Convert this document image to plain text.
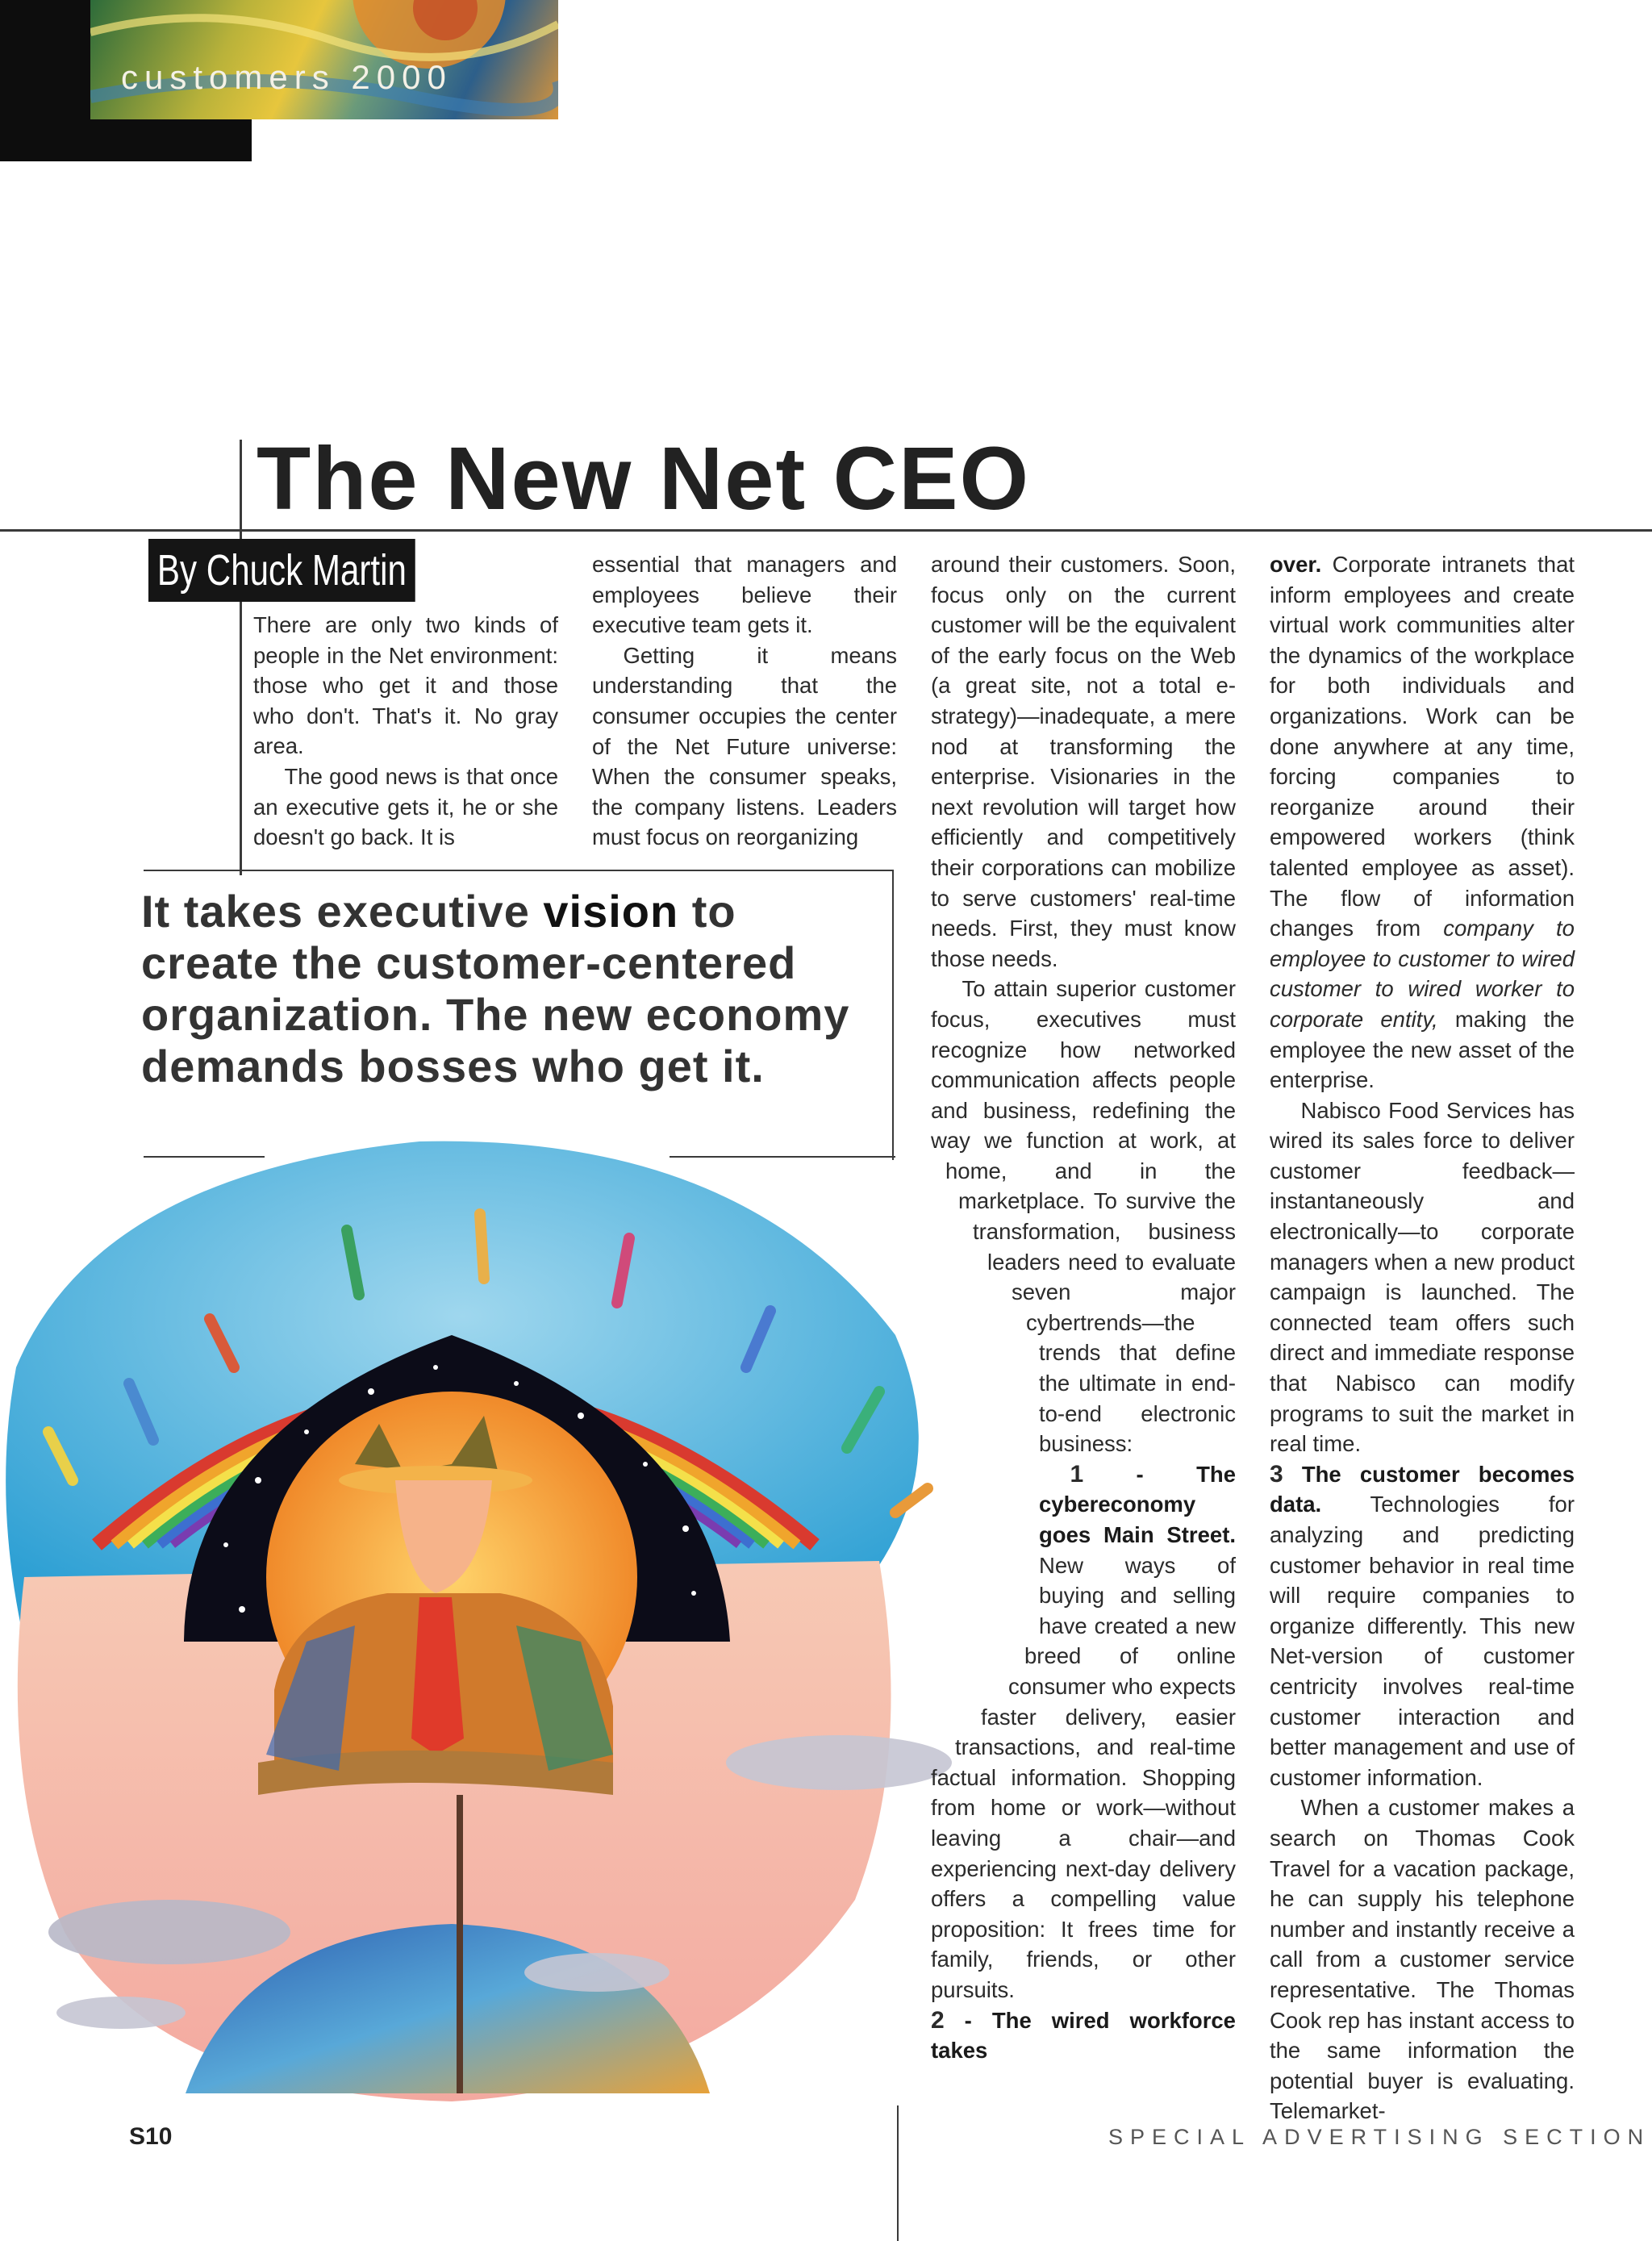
customers 2000
The New Net CEO
By Chuck Martin

There are only two kinds of people in the Net environment: those who get it and those who don't. That's it. No gray area.

The good news is that once an executive gets it, he or she doesn't go back. It is

essential that managers and employees believe their executive team gets it.

Getting it means understanding that the consumer occupies the center of the Net Future universe: When the consumer speaks, the company listens. Leaders must focus on reorganizing

It takes executive vision to create the customer-centered organization. The new economy demands bosses who get it.

around their customers. Soon, focus only on the current customer will be the equivalent of the early focus on the Web (a great site, not a total e-strategy)—inadequate, a mere nod at transforming the enterprise. Visionaries in the next revolution will target how efficiently and competitively their corporations can mobilize to serve customers' real-time needs. First, they must know those needs.

To attain superior customer focus, executives must recognize how networked communication affects people and business, redefining the way we function at work, at home, and in the marketplace. To survive the transformation, business leaders need to evaluate seven major cybertrends—the trends that define the ultimate in end-to-end electronic business:

1 - The cybereconomy goes Main Street. New ways of buying and selling have created a new breed of online consumer who expects faster delivery, easier transactions, and real-time factual information. Shopping from home or work—without leaving a chair—and experiencing next-day delivery offers a compelling value proposition: It frees time for family, friends, or other pursuits.

2 - The wired workforce takes

over. Corporate intranets that inform employees and create virtual work communities alter the dynamics of the workplace for both individuals and organizations. Work can be done anywhere at any time, forcing companies to reorganize around their empowered workers (think talented employee as asset). The flow of information changes from company to employee to customer to wired customer to wired worker to corporate entity, making the employee the new asset of the enterprise.

Nabisco Food Services has wired its sales force to deliver customer feedback—instantaneously and electronically—to corporate managers when a new product campaign is launched. The connected team offers such direct and immediate response that Nabisco can modify programs to suit the market in real time.

3 The customer becomes data. Technologies for analyzing and predicting customer behavior in real time will require companies to organize differently. This new Net-version of customer centricity involves real-time customer interaction and better management and use of customer information.

When a customer makes a search on Thomas Cook Travel for a vacation package, he can supply his telephone number and instantly receive a call from a customer service representative. The Thomas Cook rep has instant access to the same information the potential buyer is evaluating. Telemarket-

S10	SPECIAL ADVERTISING SECTION
